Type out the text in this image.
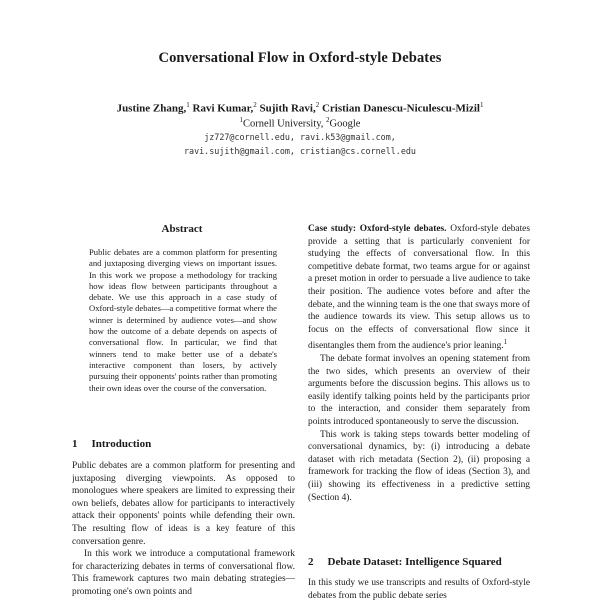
Conversational Flow in Oxford-style Debates
Justine Zhang,$^1$ Ravi Kumar,$^2$ Sujith Ravi,$^2$ Cristian Danescu-Niculescu-Mizil$^1$
$^1$Cornell University, $^2$Google
jz727@cornell.edu, ravi.k53@gmail.com,
ravi.sujith@gmail.com, cristian@cs.cornell.edu
Abstract
Public debates are a common platform for presenting and juxtaposing diverging views on important issues. In this work we propose a methodology for tracking how ideas flow between participants throughout a debate. We use this approach in a case study of Oxford-style debates—a competitive format where the winner is determined by audience votes—and show how the outcome of a debate depends on aspects of conversational flow. In particular, we find that winners tend to make better use of a debate's interactive component than losers, by actively pursuing their opponents' points rather than promoting their own ideas over the course of the conversation.
1 Introduction

Public debates are a common platform for presenting and juxtaposing diverging viewpoints. As opposed to monologues where speakers are limited to expressing their own beliefs, debates allow for participants to interactively attack their opponents' points while defending their own. The resulting flow of ideas is a key feature of this conversation genre.

In this work we introduce a computational framework for characterizing debates in terms of conversational flow. This framework captures two main debating strategies—promoting one's own points and

Case study: Oxford-style debates. Oxford-style debates provide a setting that is particularly convenient for studying the effects of conversational flow. In this competitive debate format, two teams argue for or against a preset motion in order to persuade a live audience to take their position. The audience votes before and after the debate, and the winning team is the one that sways more of the audience towards its view. This setup allows us to focus on the effects of conversational flow since it disentangles them from the audience's prior leaning.$^1$

The debate format involves an opening statement from the two sides, which presents an overview of their arguments before the discussion begins. This allows us to easily identify talking points held by the participants prior to the interaction, and consider them separately from points introduced spontaneously to serve the discussion.

This work is taking steps towards better modeling of conversational dynamics, by: (i) introducing a debate dataset with rich metadata (Section 2), (ii) proposing a framework for tracking the flow of ideas (Section 3), and (iii) showing its effectiveness in a predictive setting (Section 4).

2 Debate Dataset: Intelligence Squared

In this study we use transcripts and results of Oxford-style debates from the public debate series
